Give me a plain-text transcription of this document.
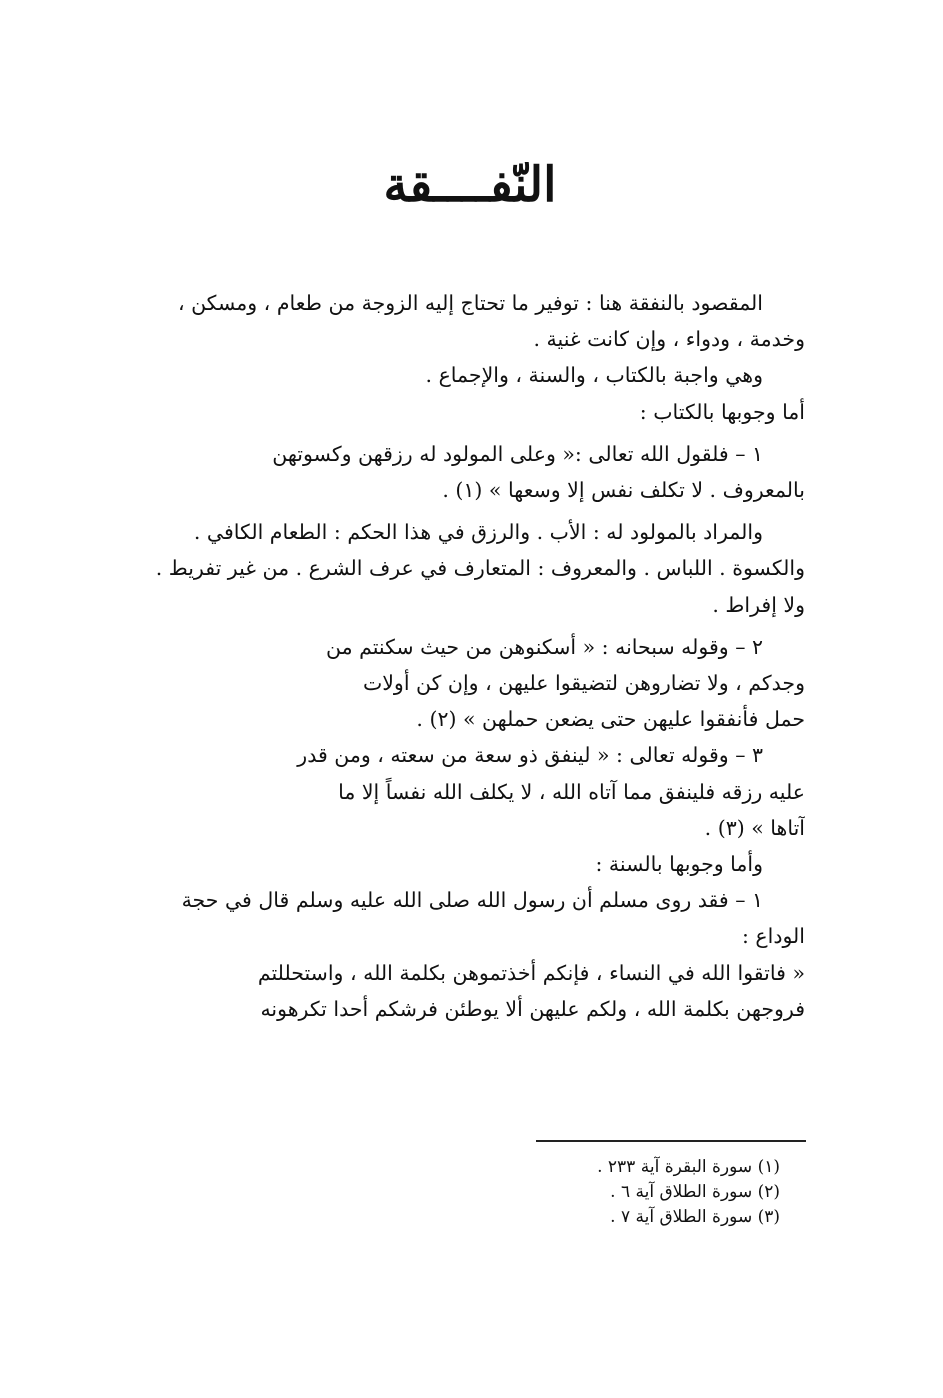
النّفــــقة

المقصود بالنفقة هنا : توفير ما تحتاج إليه الزوجة من طعام ، ومسكن ،
وخدمة ، ودواء ، وإن كانت غنية .

وهي واجبة بالكتاب ، والسنة ، والإجماع .
أما وجوبها بالكتاب :

١ – فلقول الله تعالى :« وعلى المولود له رزقهن وكسوتهن
بالمعروف . لا تكلف نفس إلا وسعها » (١) .

والمراد بالمولود له : الأب . والرزق في هذا الحكم : الطعام الكافي .
والكسوة . اللباس . والمعروف : المتعارف في عرف الشرع . من غير تفريط .
ولا إفراط .

٢ – وقوله سبحانه : « أسكنوهن من حيث سكنتم من
وجدكم ، ولا تضاروهن لتضيقوا عليهن ، وإن كن أولات
حمل فأنفقوا عليهن حتى يضعن حملهن » (٢) .

٣ – وقوله تعالى : « لينفق ذو سعة من سعته ، ومن قدر
عليه رزقه فلينفق مما آتاه الله ، لا يكلف الله نفساً إلا ما
آتاها » (٣) .

وأما وجوبها بالسنة :
١ – فقد روى مسلم أن رسول الله صلى الله عليه وسلم قال في حجة
الوداع :

« فاتقوا الله في النساء ، فإنكم أخذتموهن بكلمة الله ، واستحللتم
فروجهن بكلمة الله ، ولكم عليهن ألا يوطئن فرشكم أحدا تكرهونه

(١) سورة البقرة آية ٢٣٣ .
(٢) سورة الطلاق آية ٦ .
(٣) سورة الطلاق آية ٧ .
